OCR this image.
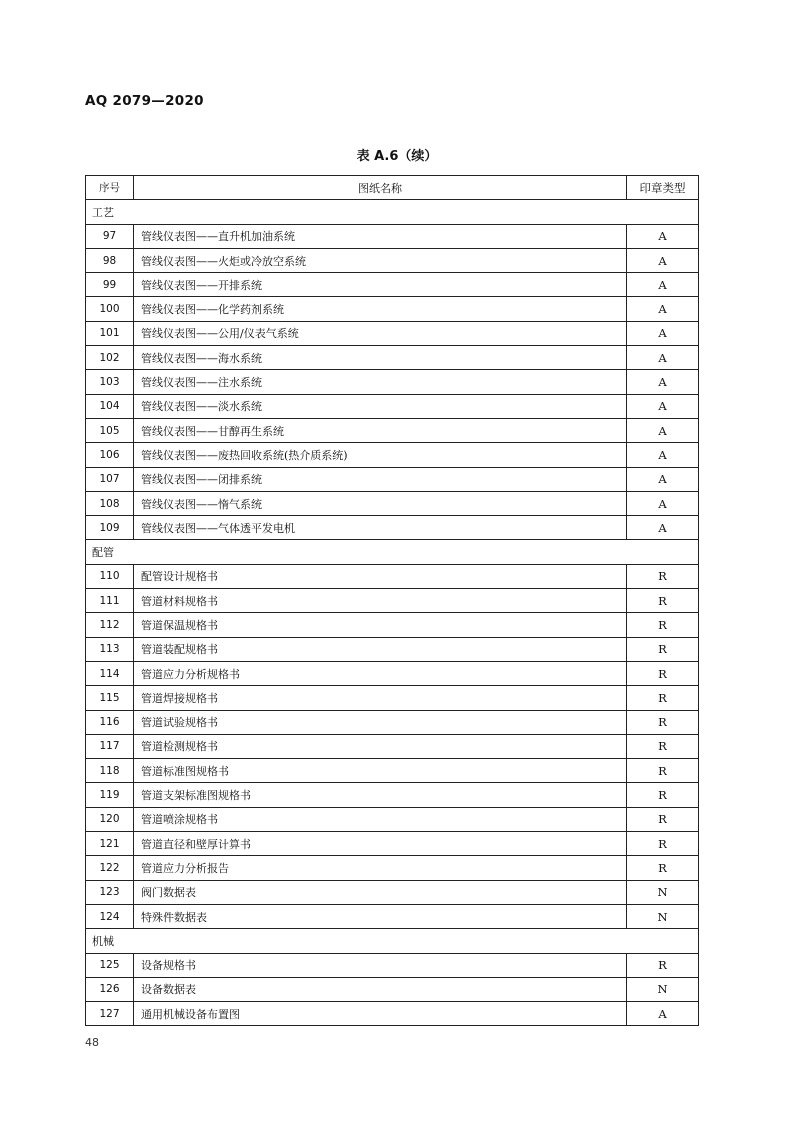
AQ 2079—2020
表 A.6（续）
序号	图纸名称	印章类型
工艺		
97	管线仪表图——直升机加油系统	A
98	管线仪表图——火炬或冷放空系统	A
99	管线仪表图——开排系统	A
100	管线仪表图——化学药剂系统	A
101	管线仪表图——公用/仪表气系统	A
102	管线仪表图——海水系统	A
103	管线仪表图——注水系统	A
104	管线仪表图——淡水系统	A
105	管线仪表图——甘醇再生系统	A
106	管线仪表图——废热回收系统(热介质系统)	A
107	管线仪表图——闭排系统	A
108	管线仪表图——惰气系统	A
109	管线仪表图——气体透平发电机	A
配管		
110	配管设计规格书	R
111	管道材料规格书	R
112	管道保温规格书	R
113	管道装配规格书	R
114	管道应力分析规格书	R
115	管道焊接规格书	R
116	管道试验规格书	R
117	管道检测规格书	R
118	管道标准图规格书	R
119	管道支架标准图规格书	R
120	管道喷涂规格书	R
121	管道直径和壁厚计算书	R
122	管道应力分析报告	R
123	阀门数据表	N
124	特殊件数据表	N
机械		
125	设备规格书	R
126	设备数据表	N
127	通用机械设备布置图	A
48
